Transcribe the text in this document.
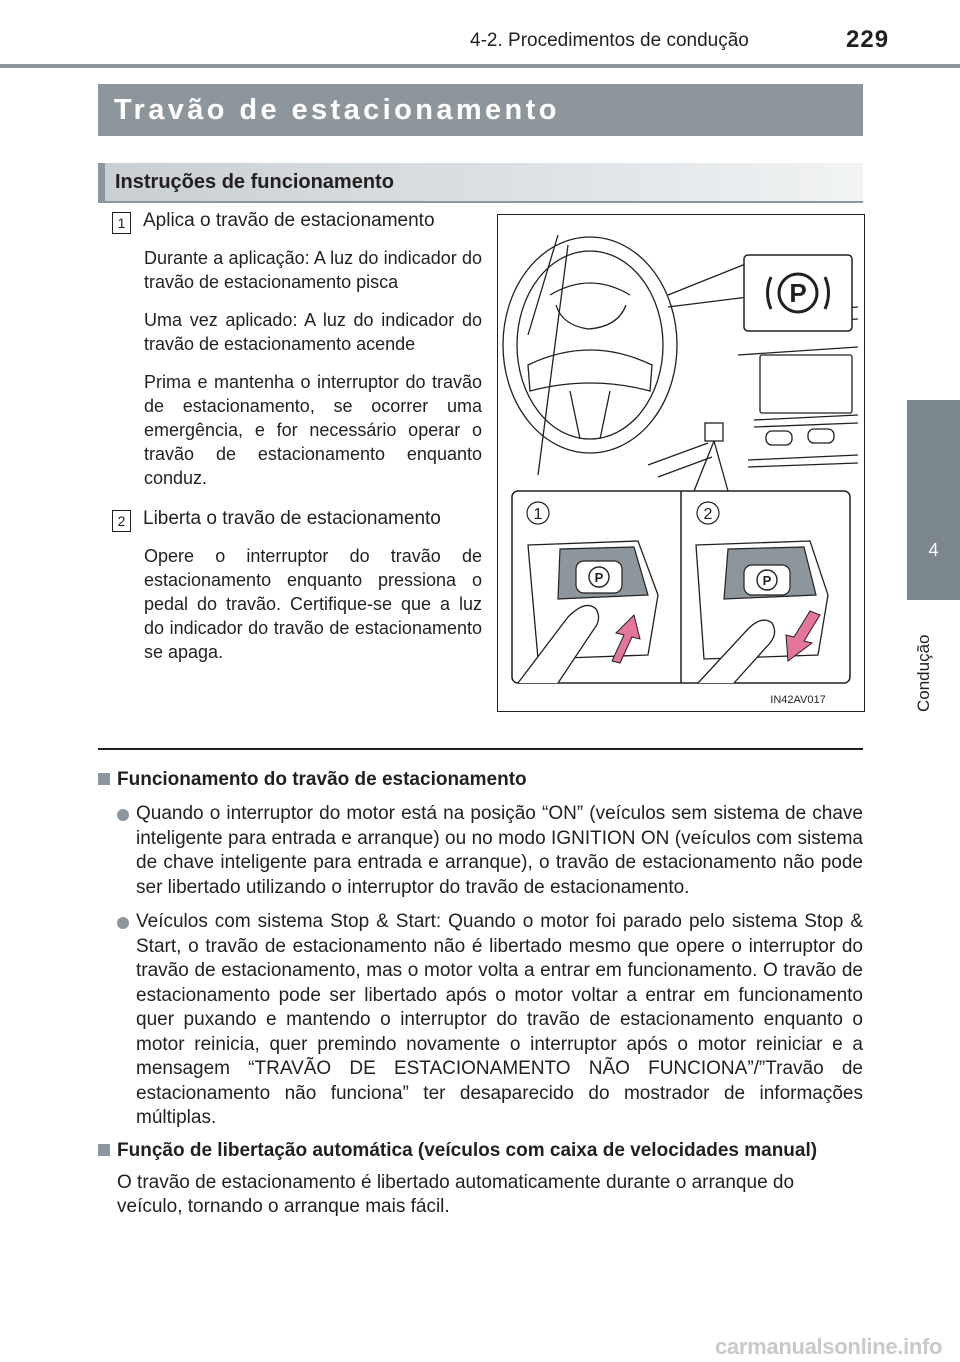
4-2. Procedimentos de condução	229
4
Condução
Travão de estacionamento
Instruções de funcionamento
1 Aplica o travão de estacionamento

Durante a aplicação: A luz do indicador do travão de estacionamento pisca

Uma vez aplicado: A luz do indicador do travão de estacionamento acende

Prima e mantenha o interruptor do travão de estacionamento, se ocorrer uma emergência, e for necessário operar o travão de estacionamento enquanto conduz.

2 Liberta o travão de estacionamento

Opere o interruptor do travão de estacionamento enquanto pressiona o pedal do travão. Certifique-se que a luz do indicador do travão de estacionamento se apaga.

P
1	2
P	P
IN42AV017
Funcionamento do travão de estacionamento
Quando o interruptor do motor está na posição “ON” (veículos sem sistema de chave inteligente para entrada e arranque) ou no modo IGNITION ON (veículos com sistema de chave inteligente para entrada e arranque), o travão de estacionamento não pode ser libertado utilizando o interruptor do travão de estacionamento.
Veículos com sistema Stop & Start: Quando o motor foi parado pelo sistema Stop & Start, o travão de estacionamento não é libertado mesmo que opere o interruptor do travão de estacionamento, mas o motor volta a entrar em funcionamento. O travão de estacionamento pode ser libertado após o motor voltar a entrar em funcionamento quer puxando e mantendo o interruptor do travão de estacionamento enquanto o motor reinicia, quer premindo novamente o interruptor após o motor reiniciar e a mensagem “TRAVÃO DE ESTACIONAMENTO NÃO FUNCIONA”/”Travão de estacionamento não funciona” ter desaparecido do mostrador de informações múltiplas.
Função de libertação automática (veículos com caixa de velocidades manual)

O travão de estacionamento é libertado automaticamente durante o arranque do veículo, tornando o arranque mais fácil.

carmanualsonline.info
